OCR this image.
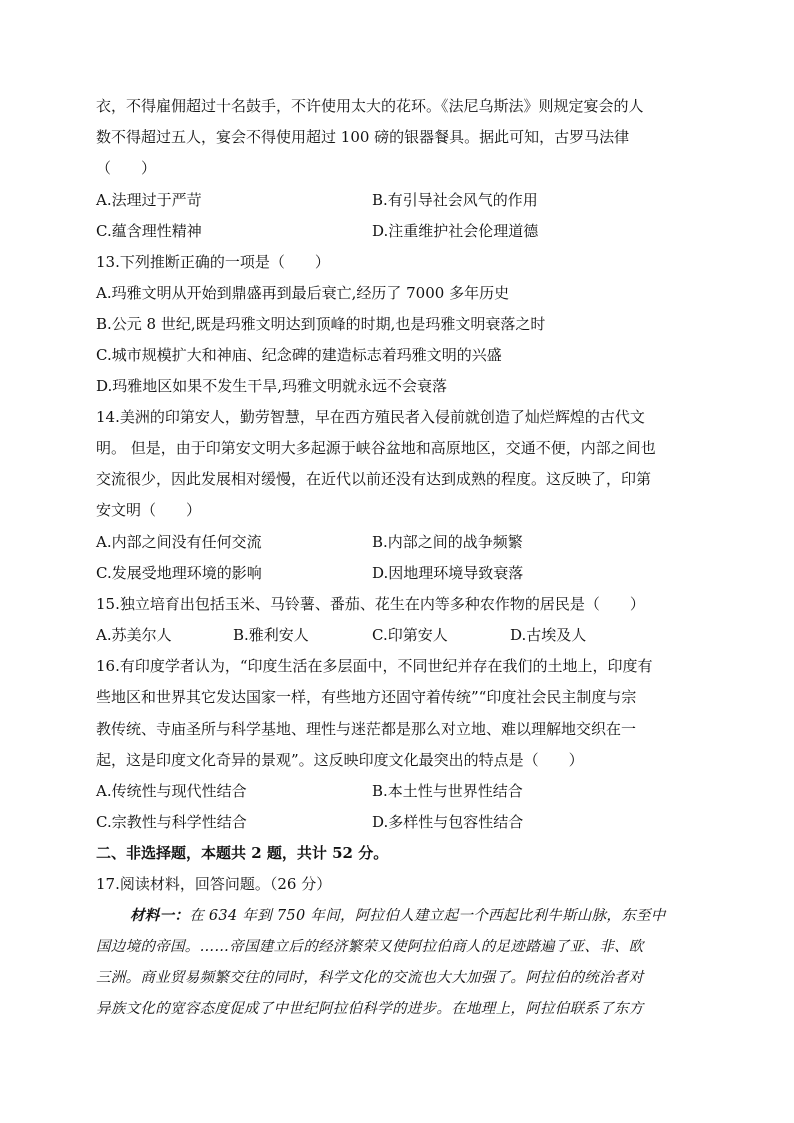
衣，不得雇佣超过十名鼓手，不许使用太大的花环。《法尼乌斯法》则规定宴会的人
数不得超过五人，宴会不得使用超过 100 磅的银器餐具。据此可知，古罗马法律
（　　）
A.法理过于严苛	B.有引导社会风气的作用
C.蕴含理性精神	D.注重维护社会伦理道德
13.下列推断正确的一项是（　　）
A.玛雅文明从开始到鼎盛再到最后衰亡,经历了 7000 多年历史
B.公元 8 世纪,既是玛雅文明达到顶峰的时期,也是玛雅文明衰落之时
C.城市规模扩大和神庙、纪念碑的建造标志着玛雅文明的兴盛
D.玛雅地区如果不发生干旱,玛雅文明就永远不会衰落
14.美洲的印第安人，勤劳智慧，早在西方殖民者入侵前就创造了灿烂辉煌的古代文
明。 但是，由于印第安文明大多起源于峡谷盆地和高原地区，交通不便，内部之间也
交流很少，因此发展相对缓慢，在近代以前还没有达到成熟的程度。这反映了，印第
安文明（　　）
A.内部之间没有任何交流	B.内部之间的战争频繁
C.发展受地理环境的影响	D.因地理环境导致衰落
15.独立培育出包括玉米、马铃薯、番茄、花生在内等多种农作物的居民是（　　）
A.苏美尔人	B.雅利安人	C.印第安人	D.古埃及人
16.有印度学者认为，“印度生活在多层面中，不同世纪并存在我们的土地上，印度有
些地区和世界其它发达国家一样，有些地方还固守着传统”“印度社会民主制度与宗
教传统、寺庙圣所与科学基地、理性与迷茫都是那么对立地、难以理解地交织在一
起，这是印度文化奇异的景观”。这反映印度文化最突出的特点是（　　）
A.传统性与现代性结合	B.本土性与世界性结合
C.宗教性与科学性结合	D.多样性与包容性结合
二、非选择题，本题共 2 题，共计 52 分。
17.阅读材料，回答问题。（26 分）
材料一：在 634 年到 750 年间，阿拉伯人建立起一个西起比利牛斯山脉，东至中
国边境的帝国。……帝国建立后的经济繁荣又使阿拉伯商人的足迹踏遍了亚、非、欧
三洲。商业贸易频繁交往的同时，科学文化的交流也大大加强了。阿拉伯的统治者对
异族文化的宽容态度促成了中世纪阿拉伯科学的进步。在地理上，阿拉伯联系了东方
